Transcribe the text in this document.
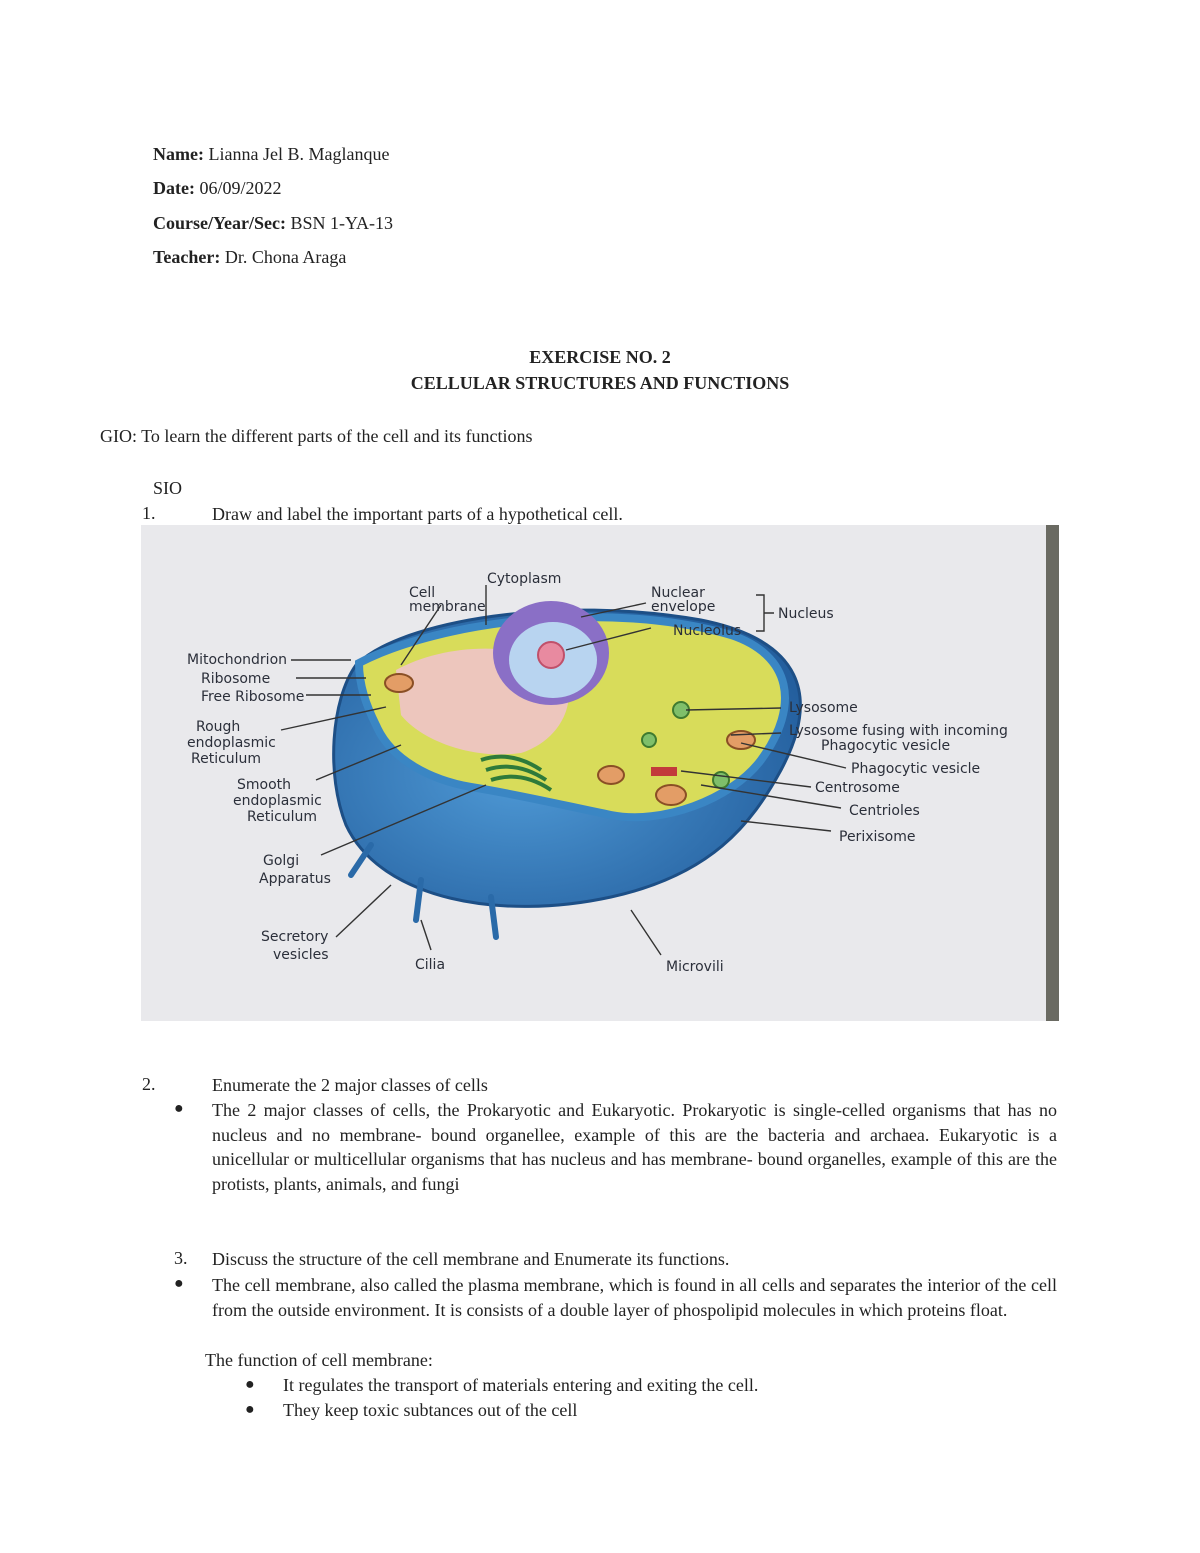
Name: Lianna Jel B. Maglanque
Date: 06/09/2022
Course/Year/Sec: BSN 1-YA-13
Teacher: Dr. Chona Araga
EXERCISE NO. 2
CELLULAR STRUCTURES AND FUNCTIONS
GIO: To learn the different parts of the cell and its functions
SIO
1.	Draw and label the important parts of a hypothetical cell.
Cytoplasm
Cell
membrane
Nuclear
envelope
Nucleolus
Nucleus
Mitochondrion
Ribosome
Free Ribosome
Rough
endoplasmic
Reticulum
Smooth
endoplasmic
Reticulum
Golgi
Apparatus
Secretory
vesicles
Cilia	Microvili
Lysosome
Lysosome fusing with incoming
Phagocytic vesicle
Phagocytic vesicle
Centrosome
Centrioles
Perixisome
2.	Enumerate the 2 major classes of cells
● The 2 major classes of cells, the Prokaryotic and Eukaryotic. Prokaryotic is single-celled organisms that has no nucleus and no membrane- bound organellee, example of this are the bacteria and archaea. Eukaryotic is a unicellular or multicellular organisms that has nucleus and has membrane- bound organelles, example of this are the protists, plants, animals, and fungi
3. Discuss the structure of the cell membrane and Enumerate its functions.
● The cell membrane, also called the plasma membrane, which is found in all cells and separates the interior of the cell from the outside environment. It is consists of a double layer of phospolipid molecules in which proteins float.
The function of cell membrane:
● It regulates the transport of materials entering and exiting the cell.
● They keep toxic subtances out of the cell
